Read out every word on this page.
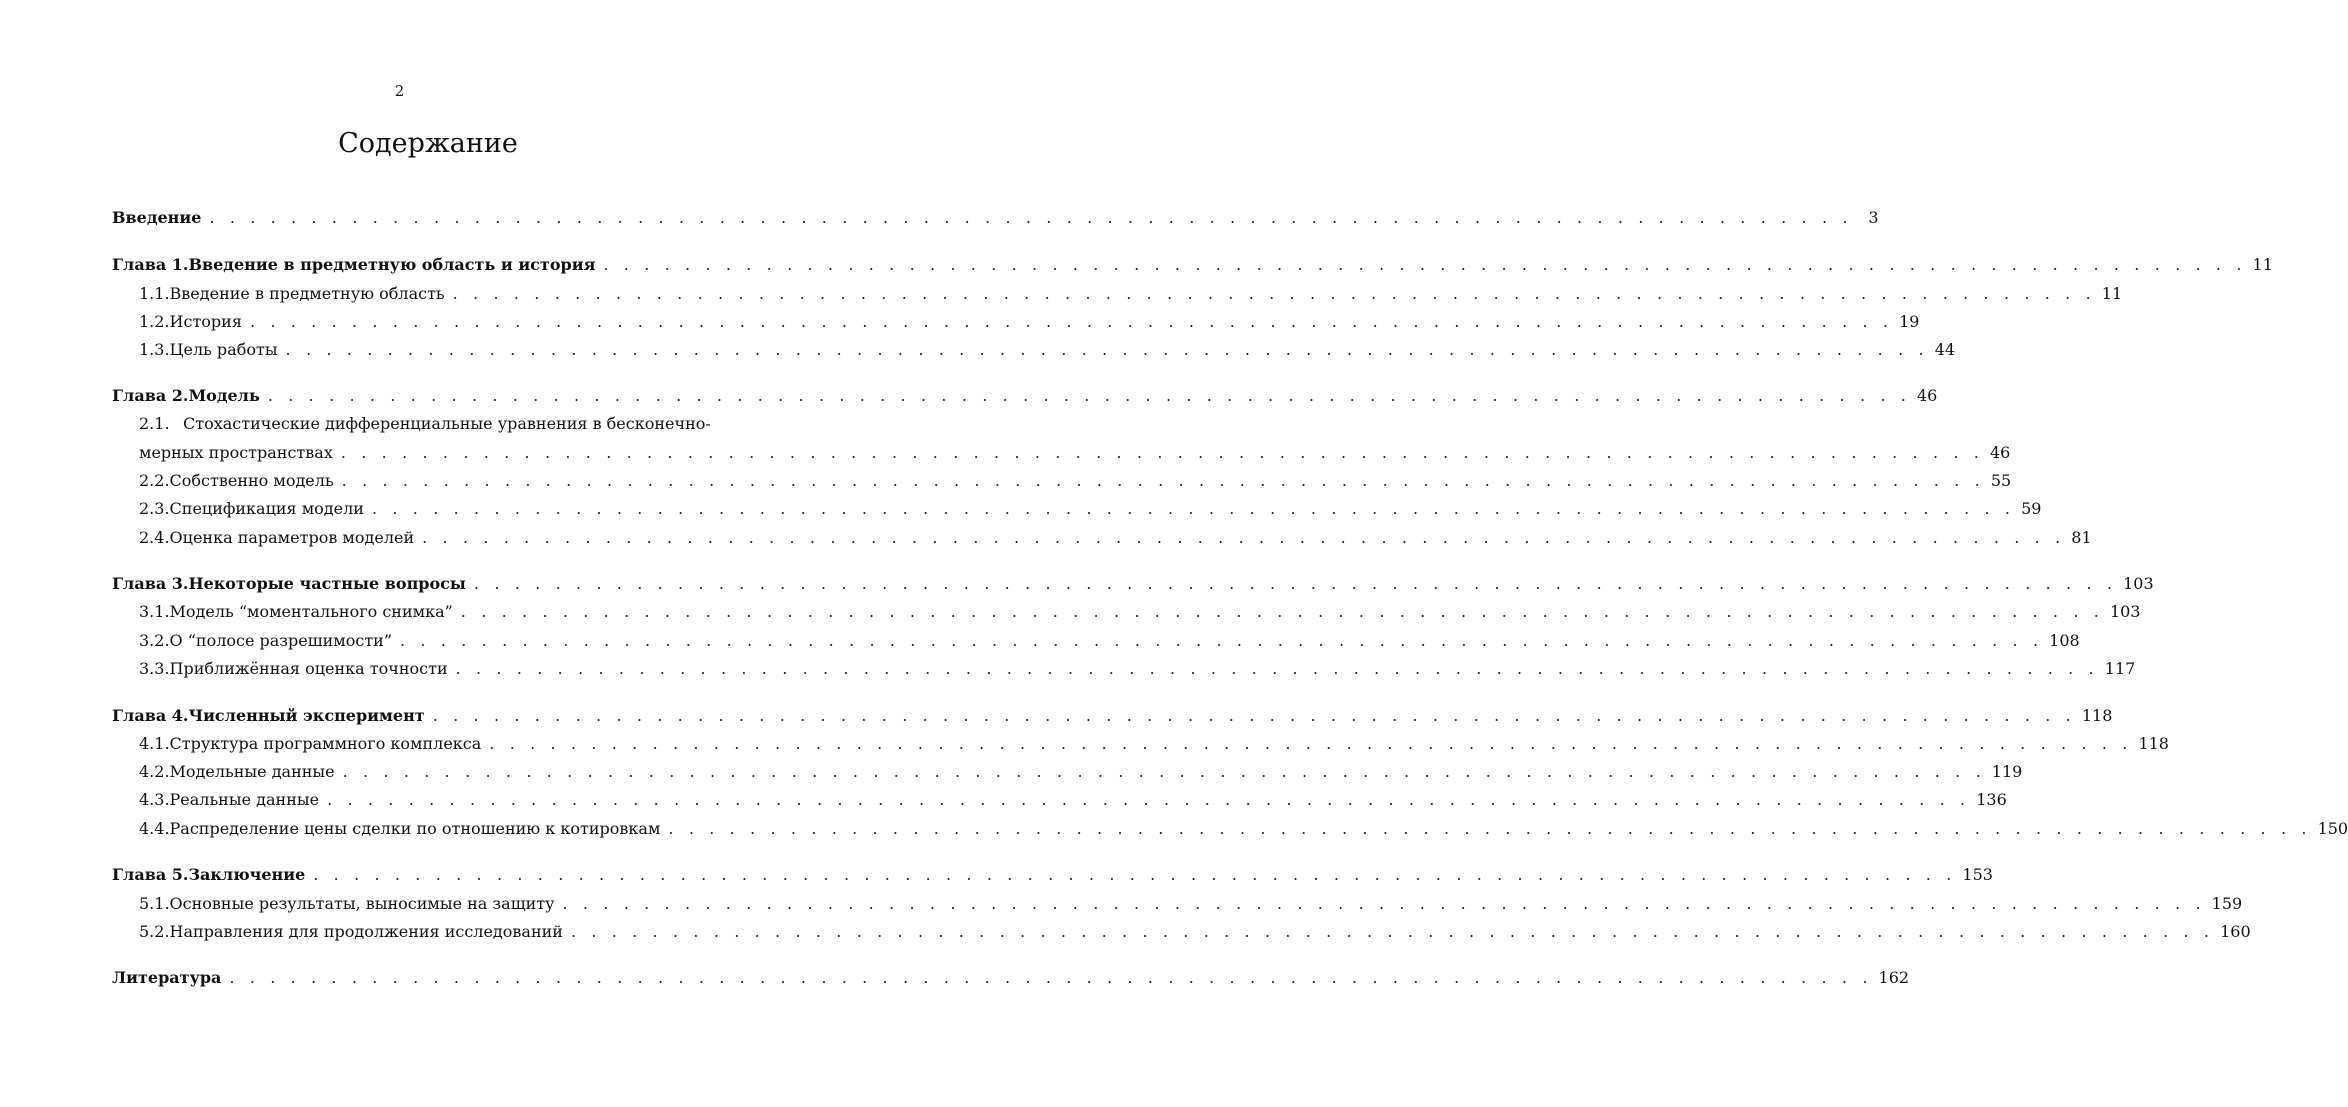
2
Содержание
Введение . . .	3
Глава 1. Введение в предметную область и история . . .	11
1.1. Введение в предметную область . . .	11
1.2. История . . .	19
1.3. Цель работы . . .	44
Глава 2. Модель . . .	46
2.1. Стохастические дифференциальные уравнения в бесконечно-
мерных пространствах . . .	46
2.2. Собственно модель . . .	55
2.3. Спецификация модели . . .	59
2.4. Оценка параметров моделей . . .	81
Глава 3. Некоторые частные вопросы . . .	103
3.1. Модель “моментального снимка” . . .	103
3.2. О “полосе разрешимости” . . .	108
3.3. Приближённая оценка точности . . .	117
Глава 4. Численный эксперимент . . .	118
4.1. Структура программного комплекса . . .	118
4.2. Модельные данные . . .	119
4.3. Реальные данные . . .	136
4.4. Распределение цены сделки по отношению к котировкам . . .	150
Глава 5. Заключение . . .	153
5.1. Основные результаты, выносимые на защиту . . .	159
5.2. Направления для продолжения исследований . . .	160
Литература . . .	162
